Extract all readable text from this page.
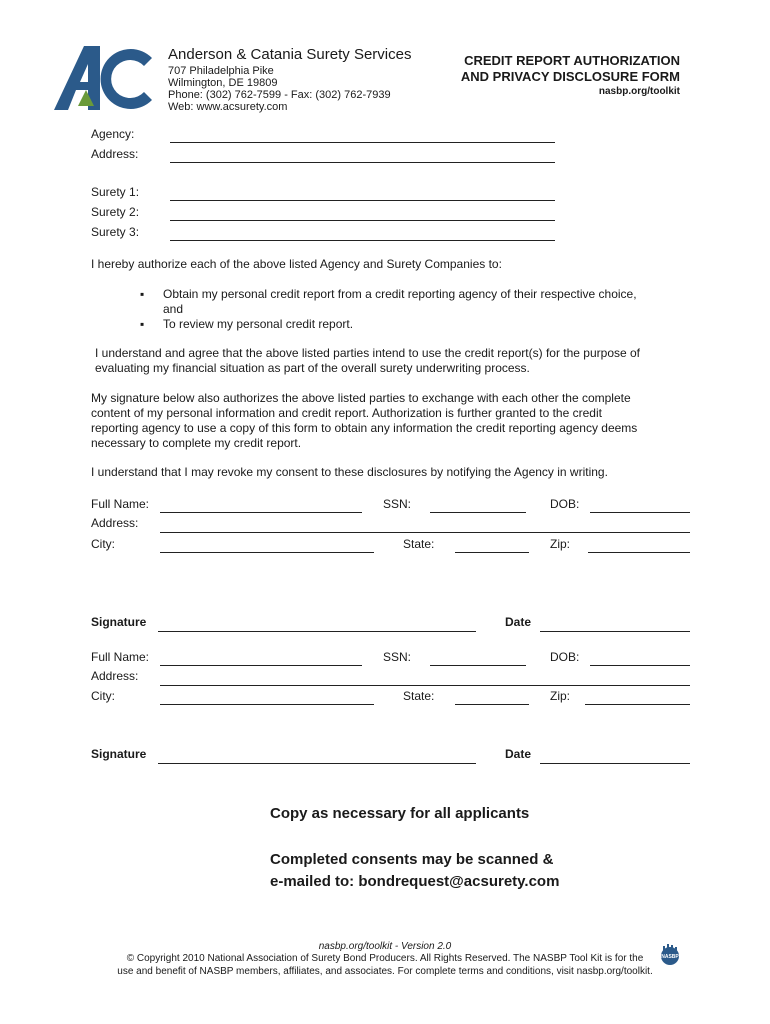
Anderson & Catania Surety Services
707 Philadelphia Pike
Wilmington, DE 19809
Phone: (302) 762-7599 - Fax: (302) 762-7939
Web: www.acsurety.com
CREDIT REPORT AUTHORIZATION
AND PRIVACY DISCLOSURE FORM
nasbp.org/toolkit
Agency:
Address:
Surety 1:
Surety 2:
Surety 3:
I hereby authorize each of the above listed Agency and Surety Companies to:
▪ Obtain my personal credit report from a credit reporting agency of their respective choice,
and
▪ To review my personal credit report.
I understand and agree that the above listed parties intend to use the credit report(s) for the purpose of
evaluating my financial situation as part of the overall surety underwriting process.
My signature below also authorizes the above listed parties to exchange with each other the complete
content of my personal information and credit report. Authorization is further granted to the credit
reporting agency to use a copy of this form to obtain any information the credit reporting agency deems
necessary to complete my credit report.
I understand that I may revoke my consent to these disclosures by notifying the Agency in writing.
Full Name:	SSN:	DOB:
Address:
City:	State:	Zip:
Signature	Date
Full Name:	SSN:	DOB:
Address:
City:	State:	Zip:
Signature	Date
Copy as necessary for all applicants
Completed consents may be scanned &
e-mailed to: bondrequest@acsurety.com
nasbp.org/toolkit - Version 2.0
© Copyright 2010 National Association of Surety Bond Producers. All Rights Reserved. The NASBP Tool Kit is for the
use and benefit of NASBP members, affiliates, and associates. For complete terms and conditions, visit nasbp.org/toolkit.
NASBP
